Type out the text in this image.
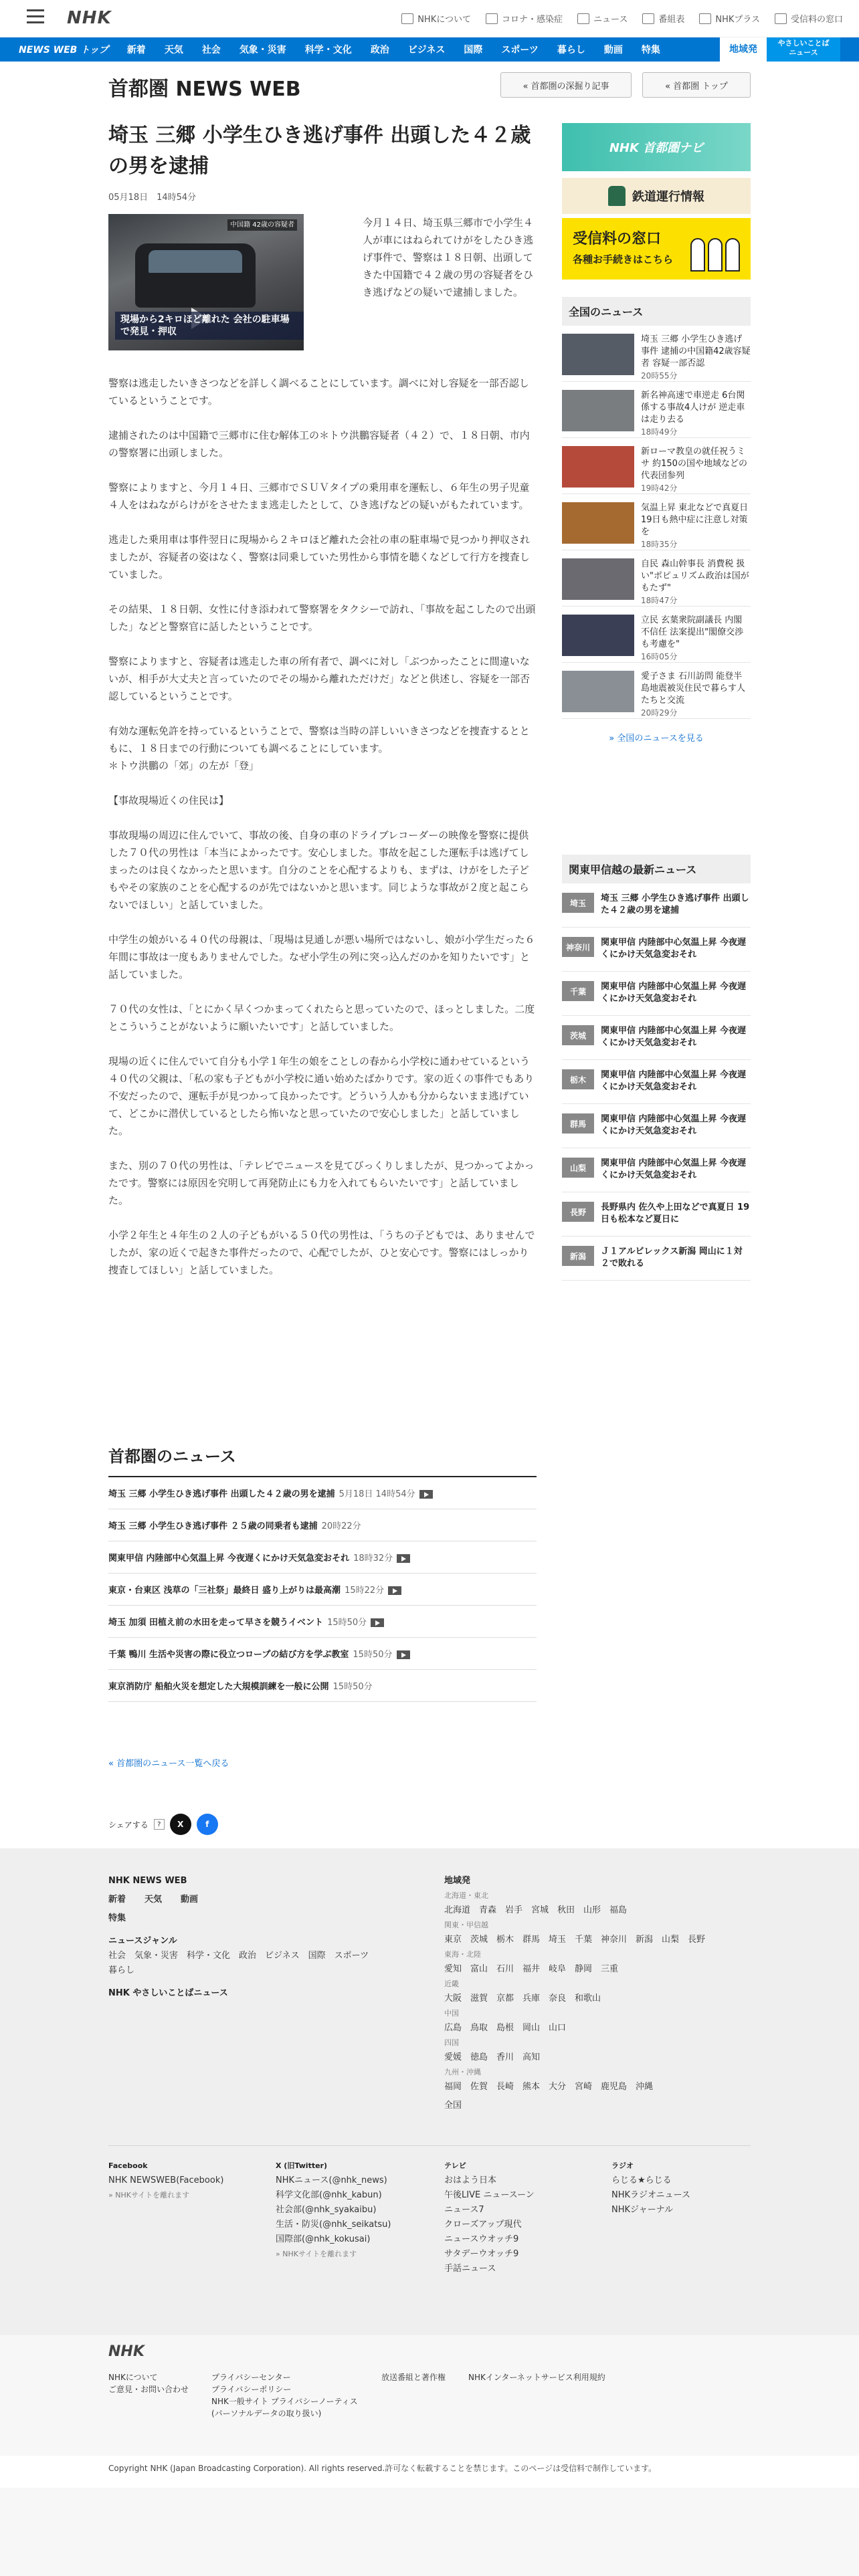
NHK	NHKについて	コロナ・感染症	ニュース	番組表	NHKプラス	受信料の窓口
NEWS WEB トップ	新着	天気	社会	気象・災害	科学・文化	政治	ビジネス	国際	スポーツ	暮らし	動画	特集	地域発
やさしいことば ニュース
首都圏 NEWS WEB	« 首都圏の深掘り記事	« 首都圏 トップ
埼玉 三郷 小学生ひき逃げ事件 出頭した４２歳の男を逮捕
05月18日　14時54分
中国籍 42歳の容疑者
現場から2キロほど離れた 会社の駐車場で発見・押収
今月１４日、埼玉県三郷市で小学生４人が車にはねられてけがをしたひき逃げ事件で、警察は１８日朝、出頭してきた中国籍で４２歳の男の容疑者をひき逃げなどの疑いで逮捕しました。

警察は逃走したいきさつなどを詳しく調べることにしています。調べに対し容疑を一部否認しているということです。

逮捕されたのは中国籍で三郷市に住む解体工の＊トウ洪鵬容疑者（４２）で、１８日朝、市内の警察署に出頭しました。

警察によりますと、今月１４日、三郷市でＳＵＶタイプの乗用車を運転し、６年生の男子児童４人をはねながらけがをさせたまま逃走したとして、ひき逃げなどの疑いがもたれています。

逃走した乗用車は事件翌日に現場から２キロほど離れた会社の車の駐車場で見つかり押収されましたが、容疑者の姿はなく、警察は同乗していた男性から事情を聴くなどして行方を捜査していました。

その結果、１８日朝、女性に付き添われて警察署をタクシーで訪れ、「事故を起こしたので出頭した」などと警察官に話したということです。

警察によりますと、容疑者は逃走した車の所有者で、調べに対し「ぶつかったことに間違いないが、相手が大丈夫と言っていたのでその場から離れただけだ」などと供述し、容疑を一部否認しているということです。

有効な運転免許を持っているということで、警察は当時の詳しいいきさつなどを捜査するとともに、１８日までの行動についても調べることにしています。
＊トウ洪鵬の「郊」の左が「登」

【事故現場近くの住民は】

事故現場の周辺に住んでいて、事故の後、自身の車のドライブレコーダーの映像を警察に提供した７０代の男性は「本当によかったです。安心しました。事故を起こした運転手は逃げてしまったのは良くなかったと思います。自分のことを心配するよりも、まずは、けがをした子どもやその家族のことを心配するのが先ではないかと思います。同じような事故が２度と起こらないでほしい」と話していました。

中学生の娘がいる４０代の母親は、「現場は見通しが悪い場所ではないし、娘が小学生だった６年間に事故は一度もありませんでした。なぜ小学生の列に突っ込んだのかを知りたいです」と話していました。

７０代の女性は、「とにかく早くつかまってくれたらと思っていたので、ほっとしました。二度とこういうことがないように願いたいです」と話していました。

現場の近くに住んでいて自分も小学１年生の娘をことしの春から小学校に通わせているという４０代の父親は、「私の家も子どもが小学校に通い始めたばかりです。家の近くの事件でもあり不安だったので、運転手が見つかって良かったです。どういう人かも分からないまま逃げていて、どこかに潜伏しているとしたら怖いなと思っていたので安心しました」と話していました。

また、別の７０代の男性は、「テレビでニュースを見てびっくりしましたが、見つかってよかったです。警察には原因を究明して再発防止にも力を入れてもらいたいです」と話していました。

小学２年生と４年生の２人の子どもがいる５０代の男性は、「うちの子どもでは、ありませんでしたが、家の近くで起きた事件だったので、心配でしたが、ひと安心です。警察にはしっかり捜査してほしい」と話していました。

首都圏のニュース
埼玉 三郷 小学生ひき逃げ事件 出頭した４２歳の男を逮捕 5月18日 14時54分
埼玉 三郷 小学生ひき逃げ事件 ２５歳の同乗者も逮捕 20時22分
関東甲信 内陸部中心気温上昇 今夜遅くにかけ天気急変おそれ 18時32分
東京・台東区 浅草の「三社祭」最終日 盛り上がりは最高潮 15時22分
埼玉 加須 田植え前の水田を走って早さを競うイベント 15時50分
千葉 鴨川 生活や災害の際に役立つロープの結び方を学ぶ教室 15時50分
東京消防庁 船舶火災を想定した大規模訓練を一般に公開 15時50分
« 首都圏のニュース一覧へ戻る
シェアする	?	X	f
NHK 首都圏ナビ
鉄道運行情報
受信料の窓口
各種お手続きはこちら
全国のニュース
埼玉 三郷 小学生ひき逃げ事件 逮捕の中国籍42歳容疑者 容疑一部否認
20時55分
新名神高速で車逆走 6台関係する事故4人けが 逆走車は走り去る
18時49分
新ローマ教皇の就任祝うミサ 約150の国や地域などの代表団参列
19時42分
気温上昇 東北などで真夏日 19日も熱中症に注意し対策を
18時35分
自民 森山幹事長 消費税 扱い"ポピュリズム政治は国がもたず"
18時47分
立民 玄葉衆院副議長 内閣不信任 法案提出"閣僚交渉も考慮を"
16時05分
愛子さま 石川訪問 能登半島地震被災住民で暮らす人たちと交流
20時29分
» 全国のニュースを見る
関東甲信越の最新ニュース
埼玉	埼玉 三郷 小学生ひき逃げ事件 出頭した４２歳の男を逮捕
神奈川	関東甲信 内陸部中心気温上昇 今夜遅くにかけ天気急変おそれ
千葉	関東甲信 内陸部中心気温上昇 今夜遅くにかけ天気急変おそれ
茨城	関東甲信 内陸部中心気温上昇 今夜遅くにかけ天気急変おそれ
栃木	関東甲信 内陸部中心気温上昇 今夜遅くにかけ天気急変おそれ
群馬	関東甲信 内陸部中心気温上昇 今夜遅くにかけ天気急変おそれ
山梨	関東甲信 内陸部中心気温上昇 今夜遅くにかけ天気急変おそれ
長野	長野県内 佐久や上田などで真夏日 19日も松本など夏日に
新潟	Ｊ１アルビレックス新潟 岡山に１対２で敗れる
NHK NEWS WEB
新着 天気 動画
特集
ニュースジャンル
社会　気象・災害　科学・文化　政治　ビジネス　国際　スポーツ
暮らし
NHK やさしいことばニュース
地域発
北海道・東北
北海道　青森　岩手　宮城　秋田　山形　福島
関東・甲信越
東京　茨城　栃木　群馬　埼玉　千葉　神奈川　新潟　山梨　長野
東海・北陸
愛知　富山　石川　福井　岐阜　静岡　三重
近畿
大阪　滋賀　京都　兵庫　奈良　和歌山
中国
広島　鳥取　島根　岡山　山口
四国
愛媛　徳島　香川　高知
九州・沖縄
福岡　佐賀　長崎　熊本　大分　宮崎　鹿児島　沖縄
全国
Facebook
NHK NEWSWEB(Facebook)
» NHKサイトを離れます
X (旧Twitter)
NHKニュース(@nhk_news)
科学文化部(@nhk_kabun)
社会部(@nhk_syakaibu)
生活・防災(@nhk_seikatsu)
国際部(@nhk_kokusai)
» NHKサイトを離れます
テレビ
おはよう日本
午後LIVE ニュースーン
ニュース7
クローズアップ現代
ニュースウオッチ9
サタデーウオッチ9
手話ニュース
ラジオ
らじる★らじる
NHKラジオニュース
NHKジャーナル
NHK
NHKについて
ご意見・お問い合わせ
プライバシーセンター
プライバシーポリシー
NHK一般サイト プライバシーノーティス
(パーソナルデータの取り扱い)
放送番組と著作権	NHKインターネットサービス利用規約
Copyright NHK (Japan Broadcasting Corporation). All rights reserved.許可なく転載することを禁じます。このページは受信料で制作しています。
